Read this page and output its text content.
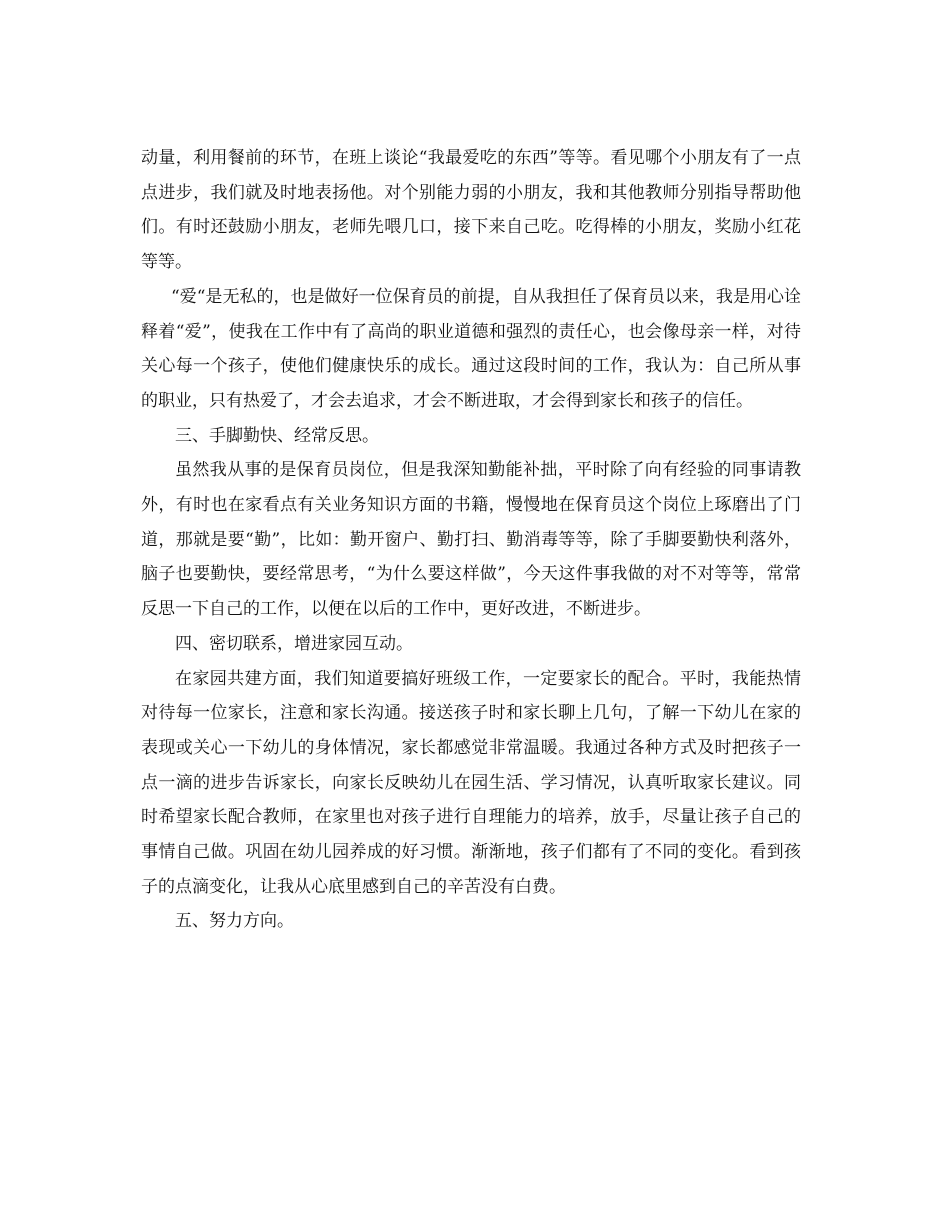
动量，利用餐前的环节，在班上谈论“我最爱吃的东西”等等。看见哪个小朋友有了一点点进步，我们就及时地表扬他。对个别能力弱的小朋友，我和其他教师分别指导帮助他们。有时还鼓励小朋友，老师先喂几口，接下来自己吃。吃得棒的小朋友，奖励小红花等等。

“爱“是无私的，也是做好一位保育员的前提，自从我担任了保育员以来，我是用心诠释着“爱”，使我在工作中有了高尚的职业道德和强烈的责任心，也会像母亲一样，对待关心每一个孩子，使他们健康快乐的成长。通过这段时间的工作，我认为：自己所从事的职业，只有热爱了，才会去追求，才会不断进取，才会得到家长和孩子的信任。

三、手脚勤快、经常反思。

虽然我从事的是保育员岗位，但是我深知勤能补拙，平时除了向有经验的同事请教外，有时也在家看点有关业务知识方面的书籍，慢慢地在保育员这个岗位上琢磨出了门道，那就是要“勤”，比如：勤开窗户、勤打扫、勤消毒等等，除了手脚要勤快利落外，脑子也要勤快，要经常思考，“为什么要这样做”，今天这件事我做的对不对等等，常常反思一下自己的工作，以便在以后的工作中，更好改进，不断进步。

四、密切联系，增进家园互动。

在家园共建方面，我们知道要搞好班级工作，一定要家长的配合。平时，我能热情对待每一位家长，注意和家长沟通。接送孩子时和家长聊上几句，了解一下幼儿在家的表现或关心一下幼儿的身体情况，家长都感觉非常温暖。我通过各种方式及时把孩子一点一滴的进步告诉家长，向家长反映幼儿在园生活、学习情况，认真听取家长建议。同时希望家长配合教师，在家里也对孩子进行自理能力的培养，放手，尽量让孩子自己的事情自己做。巩固在幼儿园养成的好习惯。渐渐地，孩子们都有了不同的变化。看到孩子的点滴变化，让我从心底里感到自己的辛苦没有白费。

五、努力方向。
